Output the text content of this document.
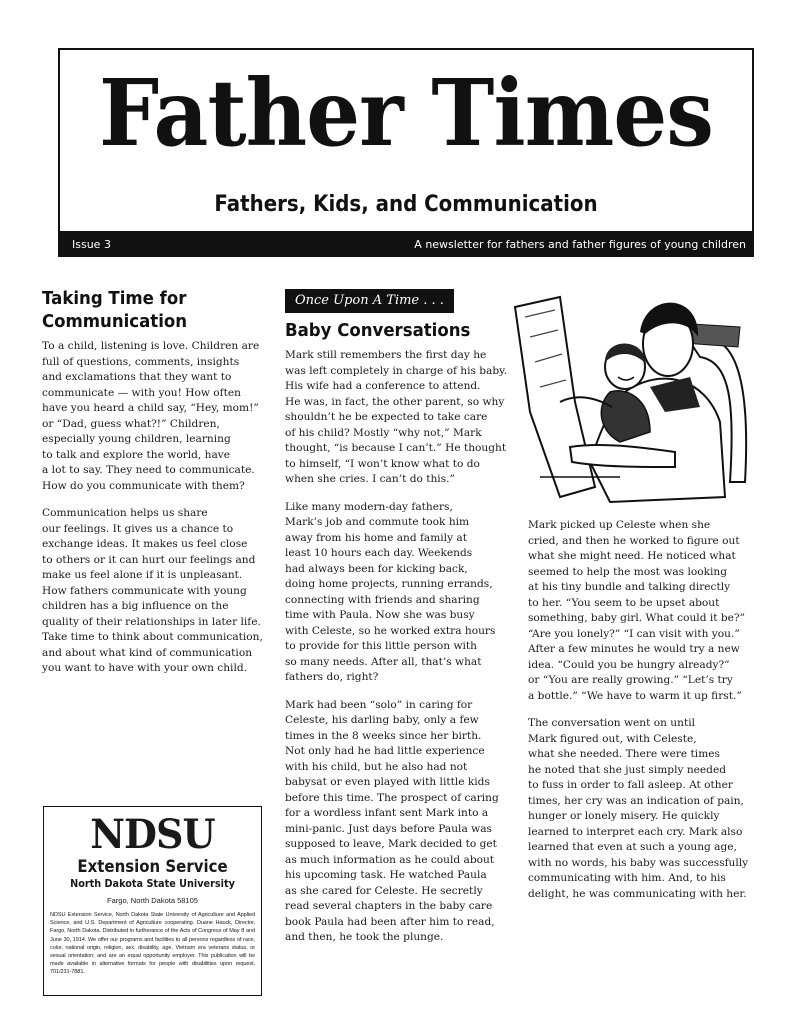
Father Times
Fathers, Kids, and Communication
Issue 3	A newsletter for fathers and father figures of young children
Taking Time for
Communication

To a child, listening is love. Children are
full of questions, comments, insights
and exclamations that they want to
communicate — with you! How often
have you heard a child say, “Hey, mom!”
or “Dad, guess what?!” Children,
especially young children, learning
to talk and explore the world, have
a lot to say. They need to communicate.
How do you communicate with them?

Communication helps us share
our feelings. It gives us a chance to
exchange ideas. It makes us feel close
to others or it can hurt our feelings and
make us feel alone if it is unpleasant.
How fathers communicate with young
children has a big influence on the
quality of their relationships in later life.
Take time to think about communication,
and about what kind of communication
you want to have with your own child.

Once Upon A Time . . .
Baby Conversations

Mark still remembers the first day he
was left completely in charge of his baby.
His wife had a conference to attend.
He was, in fact, the other parent, so why
shouldn’t he be expected to take care
of his child? Mostly “why not,” Mark
thought, “is because I can’t.” He thought
to himself, “I won’t know what to do
when she cries. I can’t do this.”

Like many modern-day fathers,
Mark’s job and commute took him
away from his home and family at
least 10 hours each day. Weekends
had always been for kicking back,
doing home projects, running errands,
connecting with friends and sharing
time with Paula. Now she was busy
with Celeste, so he worked extra hours
to provide for this little person with
so many needs. After all, that’s what
fathers do, right?

Mark had been “solo” in caring for
Celeste, his darling baby, only a few
times in the 8 weeks since her birth.
Not only had he had little experience
with his child, but he also had not
babysat or even played with little kids
before this time. The prospect of caring
for a wordless infant sent Mark into a
mini-panic. Just days before Paula was
supposed to leave, Mark decided to get
as much information as he could about
his upcoming task. He watched Paula
as she cared for Celeste. He secretly
read several chapters in the baby care
book Paula had been after him to read,
and then, he took the plunge.

Mark picked up Celeste when she
cried, and then he worked to figure out
what she might need. He noticed what
seemed to help the most was looking
at his tiny bundle and talking directly
to her. “You seem to be upset about
something, baby girl. What could it be?”
“Are you lonely?” “I can visit with you.”
After a few minutes he would try a new
idea. “Could you be hungry already?”
or “You are really growing.” “Let’s try
a bottle.” “We have to warm it up first.”

The conversation went on until
Mark figured out, with Celeste,
what she needed. There were times
he noted that she just simply needed
to fuss in order to fall asleep. At other
times, her cry was an indication of pain,
hunger or lonely misery. He quickly
learned to interpret each cry. Mark also
learned that even at such a young age,
with no words, his baby was successfully
communicating with him. And, to his
delight, he was communicating with her.

NDSU
Extension Service
North Dakota State University
Fargo, North Dakota 58105
NDSU Extension Service, North Dakota State University of Agriculture and Applied Science, and U.S. Department of Agriculture cooperating. Duane Hauck, Director, Fargo, North Dakota. Distributed in furtherance of the Acts of Congress of May 8 and June 30, 1914. We offer our programs and facilities to all persons regardless of race, color, national origin, religion, sex, disability, age, Vietnam era veterans status, or sexual orientation; and are an equal opportunity employer. This publication will be made available in alternative formats for people with disabilities upon request, 701/231-7881.
